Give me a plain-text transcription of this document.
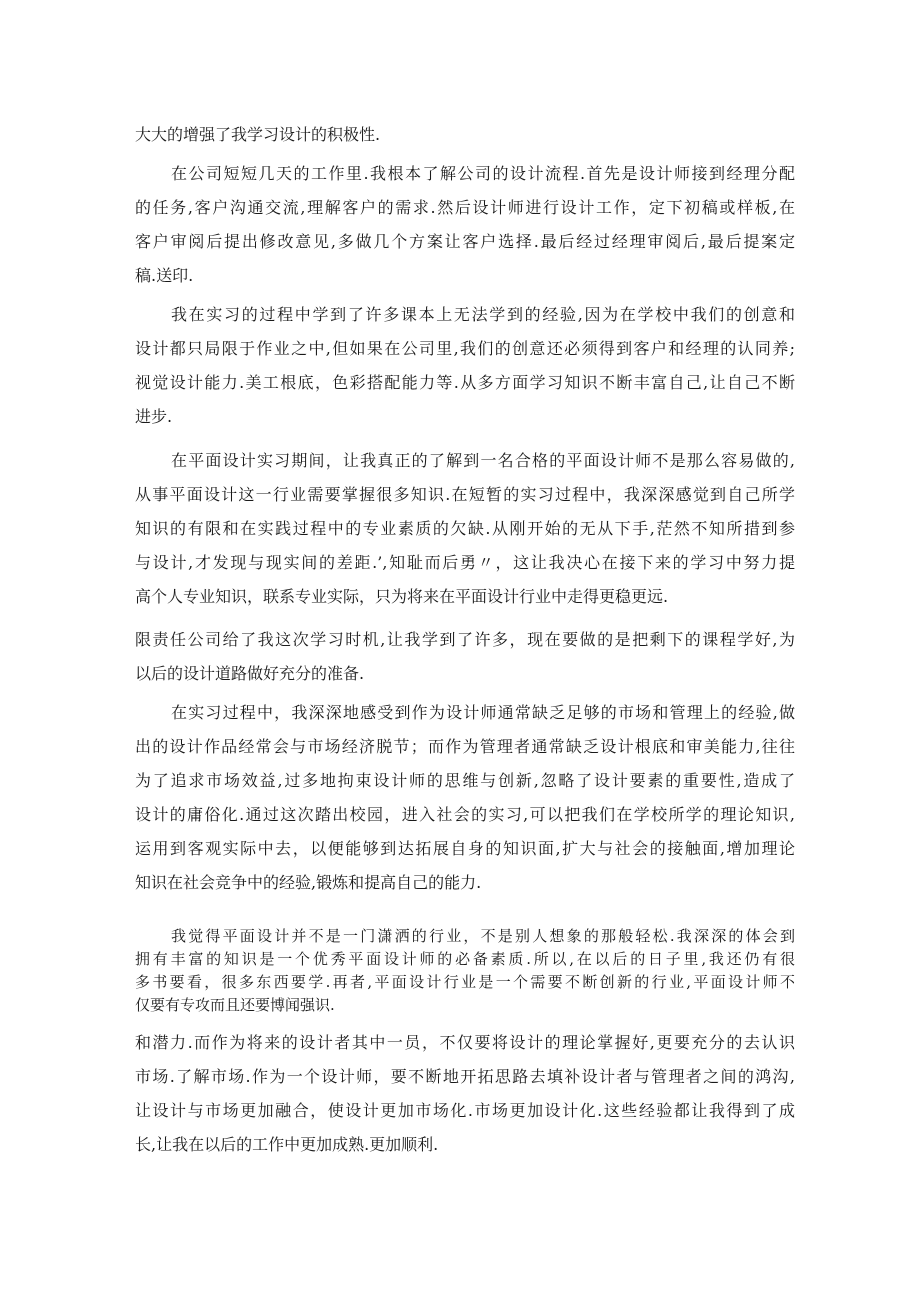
大大的增强了我学习设计的积极性.
在公司短短几天的工作里.我根本了解公司的设计流程.首先是设计师接到经理分配
的任务,客户沟通交流,理解客户的需求.然后设计师进行设计工作，定下初稿或样板,在
客户审阅后提出修改意见,多做几个方案让客户选择.最后经过经理审阅后,最后提案定
稿.送印.
我在实习的过程中学到了许多课本上无法学到的经验,因为在学校中我们的创意和
设计都只局限于作业之中,但如果在公司里,我们的创意还必须得到客户和经理的认同养;
视觉设计能力.美工根底，色彩搭配能力等.从多方面学习知识不断丰富自己,让自己不断
进步.
在平面设计实习期间，让我真正的了解到一名合格的平面设计师不是那么容易做的,
从事平面设计这一行业需要掌握很多知识.在短暂的实习过程中，我深深感觉到自己所学
知识的有限和在实践过程中的专业素质的欠缺.从刚开始的无从下手,茫然不知所措到参
与设计,才发现与现实间的差距.’,知耻而后勇〃，这让我决心在接下来的学习中努力提
高个人专业知识，联系专业实际，只为将来在平面设计行业中走得更稳更远.
限责任公司给了我这次学习时机,让我学到了许多，现在要做的是把剩下的课程学好,为
以后的设计道路做好充分的准备.
在实习过程中，我深深地感受到作为设计师通常缺乏足够的市场和管理上的经验,做
出的设计作品经常会与市场经济脱节；而作为管理者通常缺乏设计根底和审美能力,往往
为了追求市场效益,过多地拘束设计师的思维与创新,忽略了设计要素的重要性,造成了
设计的庸俗化.通过这次踏出校园，进入社会的实习,可以把我们在学校所学的理论知识,
运用到客观实际中去，以便能够到达拓展自身的知识面,扩大与社会的接触面,增加理论
知识在社会竞争中的经验,锻炼和提高自己的能力.
我觉得平面设计并不是一门潇洒的行业，不是别人想象的那般轻松.我深深的体会到
拥有丰富的知识是一个优秀平面设计师的必备素质.所以,在以后的日子里,我还仍有很
多书要看，很多东西要学.再者,平面设计行业是一个需要不断创新的行业,平面设计师不
仅要有专攻而且还要博闻强识.
和潜力.而作为将来的设计者其中一员，不仅要将设计的理论掌握好,更要充分的去认识
市场.了解市场.作为一个设计师，要不断地开拓思路去填补设计者与管理者之间的鸿沟,
让设计与市场更加融合，使设计更加市场化.市场更加设计化.这些经验都让我得到了成
长,让我在以后的工作中更加成熟.更加顺利.
